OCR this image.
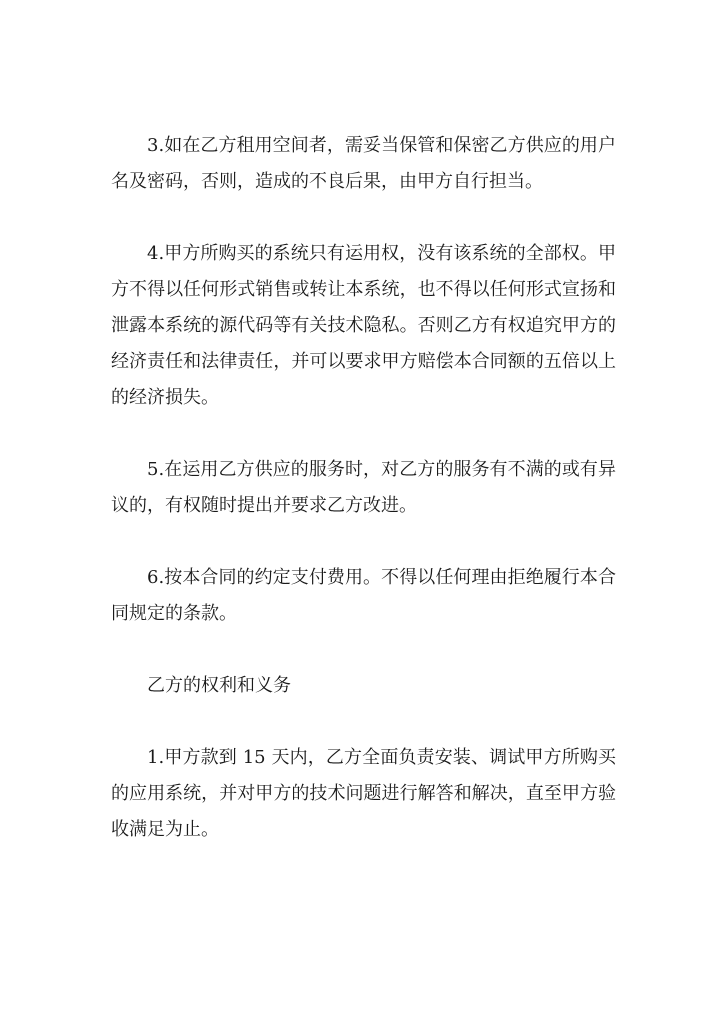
3.如在乙方租用空间者，需妥当保管和保密乙方供应的用户名及密码，否则，造成的不良后果，由甲方自行担当。

4.甲方所购买的系统只有运用权，没有该系统的全部权。甲方不得以任何形式销售或转让本系统，也不得以任何形式宣扬和泄露本系统的源代码等有关技术隐私。否则乙方有权追究甲方的经济责任和法律责任，并可以要求甲方赔偿本合同额的五倍以上的经济损失。

5.在运用乙方供应的服务时，对乙方的服务有不满的或有异议的，有权随时提出并要求乙方改进。

6.按本合同的约定支付费用。不得以任何理由拒绝履行本合同规定的条款。

乙方的权利和义务

1.甲方款到 15 天内，乙方全面负责安装、调试甲方所购买的应用系统，并对甲方的技术问题进行解答和解决，直至甲方验收满足为止。
